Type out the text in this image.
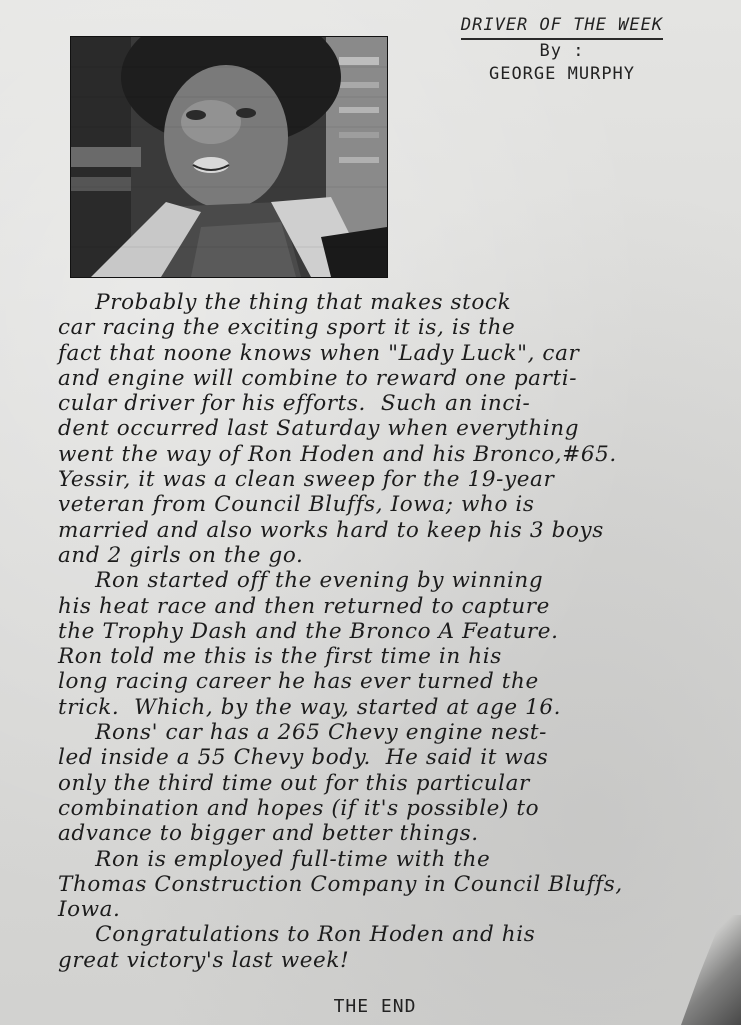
DRIVER OF THE WEEK
By :
GEORGE MURPHY
Probably the thing that makes stock
car racing the exciting sport it is, is the
fact that noone knows when "Lady Luck", car
and engine will combine to reward one parti-
cular driver for his efforts.  Such an inci-
dent occurred last Saturday when everything
went the way of Ron Hoden and his Bronco,#65.
Yessir, it was a clean sweep for the 19-year
veteran from Council Bluffs, Iowa; who is
married and also works hard to keep his 3 boys
and 2 girls on the go.
Ron started off the evening by winning
his heat race and then returned to capture
the Trophy Dash and the Bronco A Feature.
Ron told me this is the first time in his
long racing career he has ever turned the
trick.  Which, by the way, started at age 16.
Rons' car has a 265 Chevy engine nest-
led inside a 55 Chevy body.  He said it was
only the third time out for this particular
combination and hopes (if it's possible) to
advance to bigger and better things.
Ron is employed full-time with the
Thomas Construction Company in Council Bluffs,
Iowa.
Congratulations to Ron Hoden and his
great victory's last week!
THE END
